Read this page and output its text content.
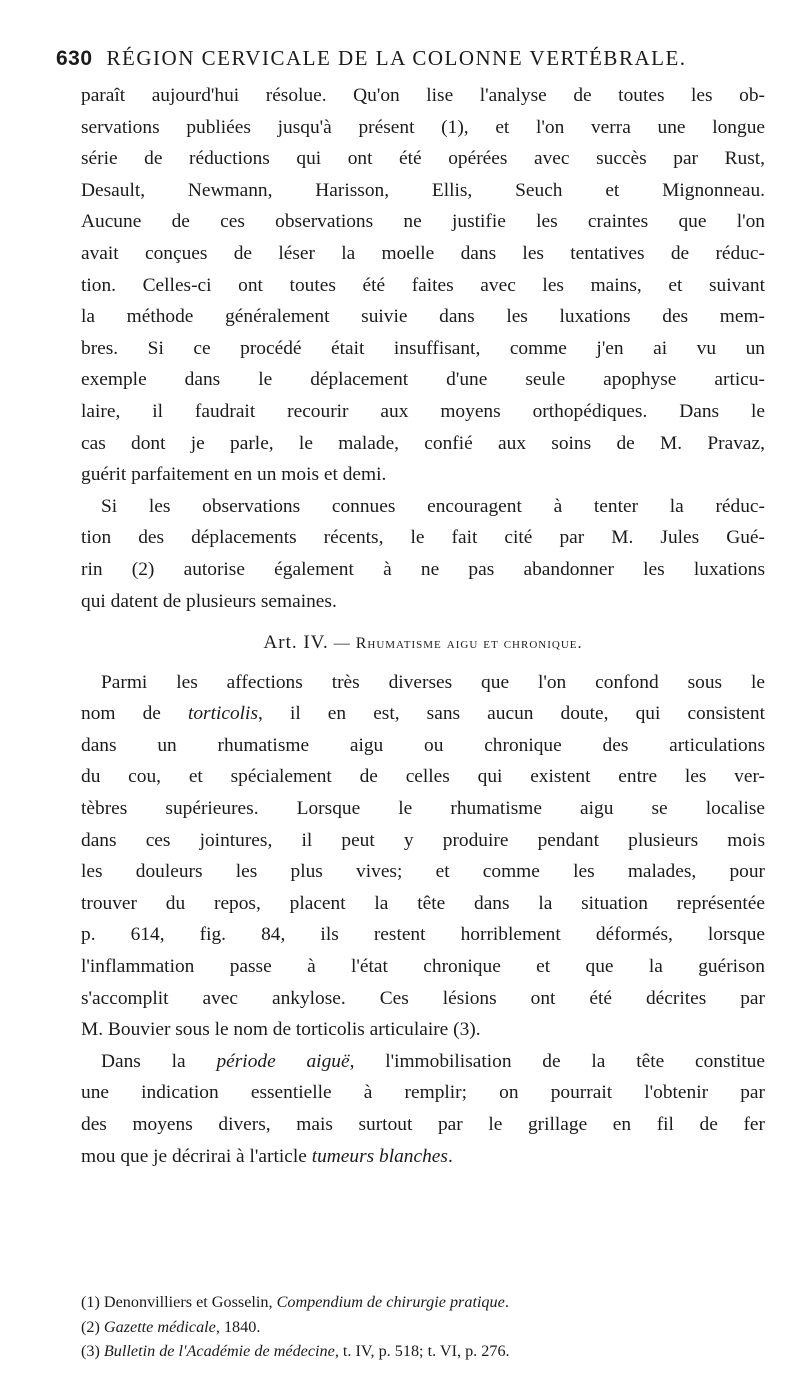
630 RÉGION CERVICALE DE LA COLONNE VERTÉBRALE.
paraît aujourd'hui résolue. Qu'on lise l'analyse de toutes les ob-
servations publiées jusqu'à présent (1), et l'on verra une longue
série de réductions qui ont été opérées avec succès par Rust,
Desault, Newmann, Harisson, Ellis, Seuch et Mignonneau.
Aucune de ces observations ne justifie les craintes que l'on
avait conçues de léser la moelle dans les tentatives de réduc-
tion. Celles-ci ont toutes été faites avec les mains, et suivant
la méthode généralement suivie dans les luxations des mem-
bres. Si ce procédé était insuffisant, comme j'en ai vu un
exemple dans le déplacement d'une seule apophyse articu-
laire, il faudrait recourir aux moyens orthopédiques. Dans le
cas dont je parle, le malade, confié aux soins de M. Pravaz,
guérit parfaitement en un mois et demi.
Si les observations connues encouragent à tenter la réduc-
tion des déplacements récents, le fait cité par M. Jules Gué-
rin (2) autorise également à ne pas abandonner les luxations
qui datent de plusieurs semaines.
Art. IV. — Rhumatisme aigu et chronique.
Parmi les affections très diverses que l'on confond sous le
nom de torticolis, il en est, sans aucun doute, qui consistent
dans un rhumatisme aigu ou chronique des articulations
du cou, et spécialement de celles qui existent entre les ver-
tèbres supérieures. Lorsque le rhumatisme aigu se localise
dans ces jointures, il peut y produire pendant plusieurs mois
les douleurs les plus vives; et comme les malades, pour
trouver du repos, placent la tête dans la situation représentée
p. 614, fig. 84, ils restent horriblement déformés, lorsque
l'inflammation passe à l'état chronique et que la guérison
s'accomplit avec ankylose. Ces lésions ont été décrites par
M. Bouvier sous le nom de torticolis articulaire (3).
Dans la période aiguë, l'immobilisation de la tête constitue
une indication essentielle à remplir; on pourrait l'obtenir par
des moyens divers, mais surtout par le grillage en fil de fer
mou que je décrirai à l'article tumeurs blanches.
(1) Denonvilliers et Gosselin, Compendium de chirurgie pratique.
(2) Gazette médicale, 1840.
(3) Bulletin de l'Académie de médecine, t. IV, p. 518; t. VI, p. 276.
